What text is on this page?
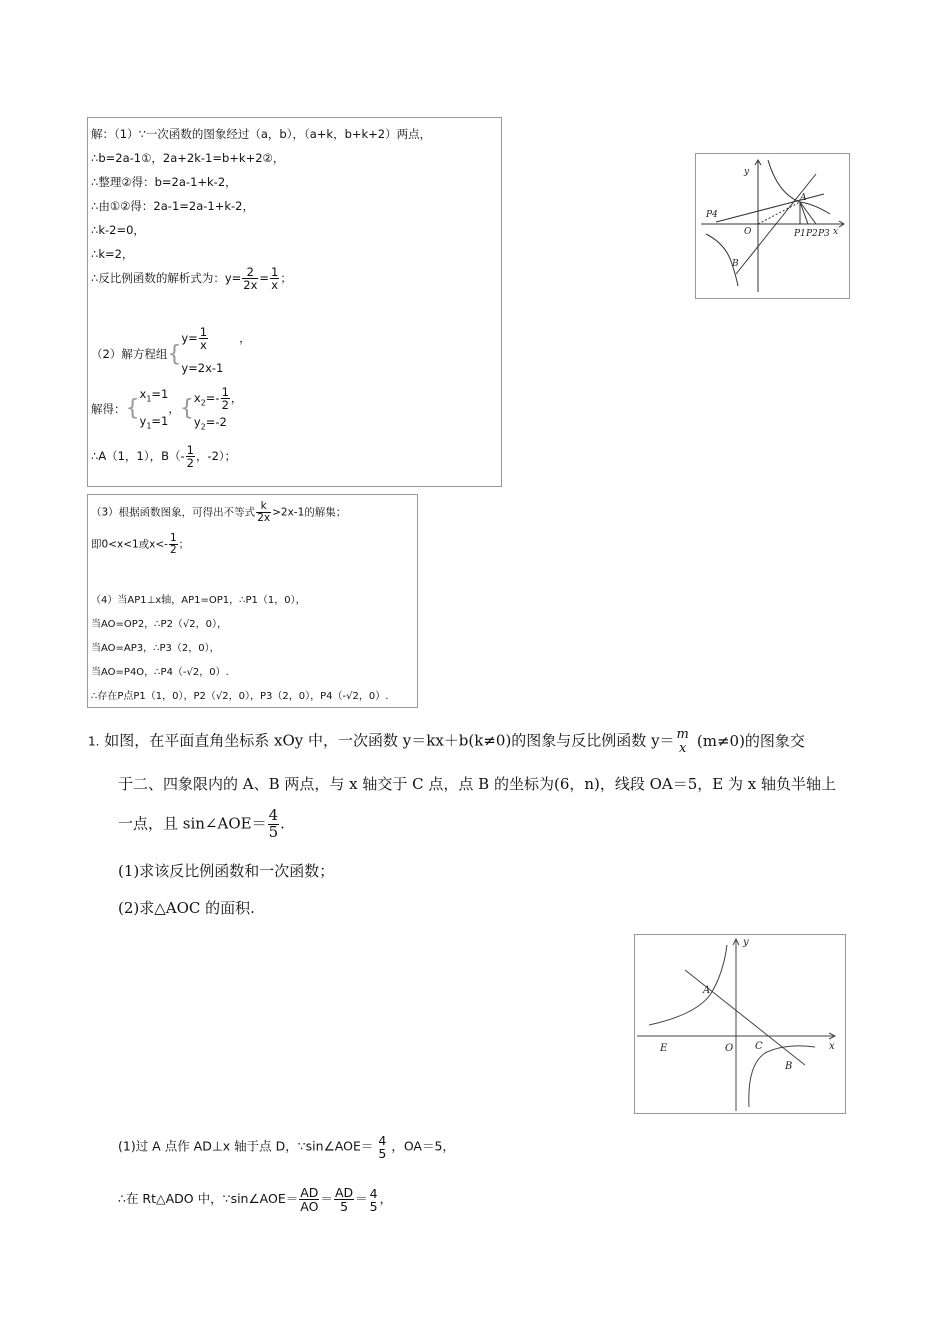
解：（1）∵一次函数的图象经过（a，b），（a+k，b+k+2）两点，
∴b=2a-1①，2a+2k-1=b+k+2②，
∴整理②得：b=2a-1+k-2，
∴由①②得：2a-1=2a-1+k-2，
∴k-2=0，
∴k=2，
∴反比例函数的解析式为：$y= \frac{2}{2x} = \frac{1}{x}$ ；
（2）解方程组{
$y= \frac{1}{x}$	，
y=2x-1
解得：{
$x_1=1$
$y_1=1$
，{ $x_2=- \frac{1}{2}$ ，
$y_2=-2$
∴A（1，1），$B(- \frac{1}{2}$ ，-2）；
（3）根据函数图象，可得出不等式 $\frac{k}{2x} >2x-1$的解集；
即0<x<1或$x<- \frac{1}{2}$ ；
（4）当AP1⊥x轴，AP1=OP1，∴P1（1，0），
当AO=OP2，∴P2（√2，0），
当AO=AP3，∴P3（2，0），
当AO=P4O，∴P4（-√2，0）.
∴存在P点P1（1，0），P2（√2，0），P3（2，0），P4（-√2，0）.
y
A
P4
O	P1 P2 P3 x
B
1. 如图，在平面直角坐标系 xOy 中，一次函数 y＝kx＋b(k≠0)的图象与反比例函数 y＝ m
x (m≠0)的图象交
于二、四象限内的 A、B 两点，与 x 轴交于 C 点，点 B 的坐标为(6，n)，线段 OA＝5，E 为 x 轴负半轴上
一点，且 sin∠AOE＝ $\frac{4}{5}$ .
(1)求该反比例函数和一次函数；
(2)求△AOC 的面积.
y
A
E	O C	x
B
(1)过 A 点作 AD⊥x 轴于点 D，∵sin∠AOE＝ 4
5 ，OA＝5，
∴在 Rt△ADO 中，∵sin∠AOE＝ $\frac{AD}{AO} = \frac{AD}{5} = 4$
5 ，
